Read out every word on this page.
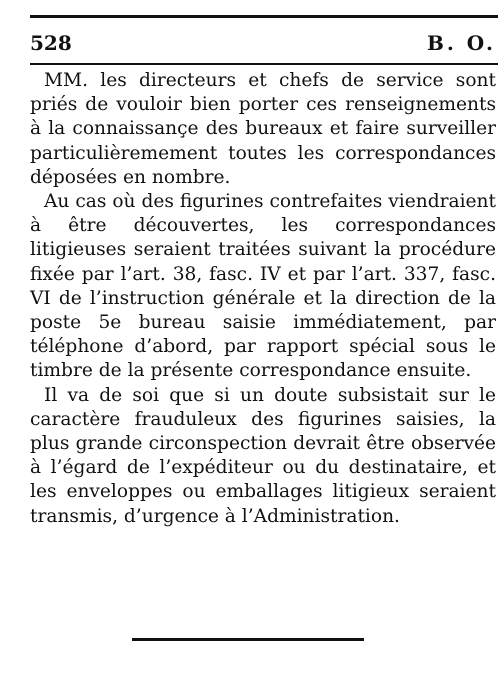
528	B. O.

MM. les directeurs et chefs de service sont priés de vouloir bien porter ces renseignements à la connaissançe des bureaux et faire surveiller particulièremement toutes les correspondances déposées en nombre.

Au cas où des figurines contrefaites viendraient à être découvertes, les correspondances litigieuses seraient traitées suivant la procédure fixée par l’art. 38, fasc. IV et par l’art. 337, fasc. VI de l’instruction générale et la direction de la poste 5e bureau saisie immédiatement, par téléphone d’abord, par rapport spécial sous le timbre de la présente correspondance ensuite.

Il va de soi que si un doute subsistait sur le caractère frauduleux des figurines saisies, la plus grande circonspection devrait être observée à l’égard de l’expéditeur ou du destinataire, et les enveloppes ou emballages litigieux seraient transmis, d’urgence à l’Administration.
